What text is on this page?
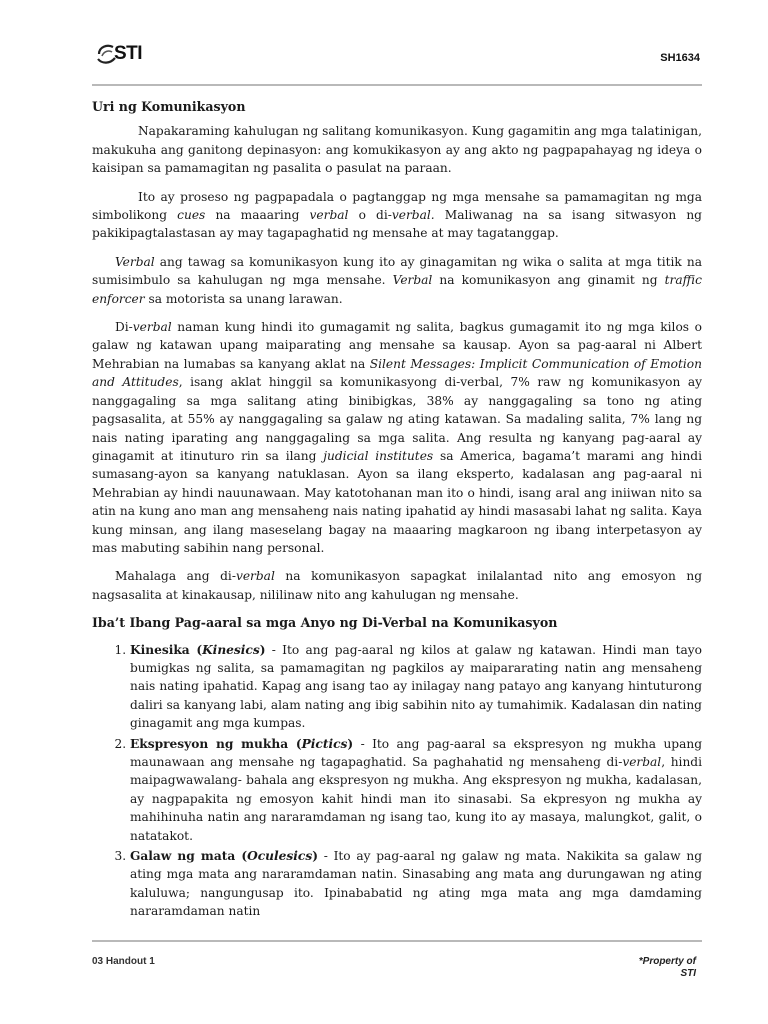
STI	SH1634
Uri ng Komunikasyon

Napakaraming kahulugan ng salitang komunikasyon. Kung gagamitin ang mga talatinigan, makukuha ang ganitong depinasyon: ang komukikasyon ay ang akto ng pagpapahayag ng ideya o kaisipan sa pamamagitan ng pasalita o pasulat na paraan.

Ito ay proseso ng pagpapadala o pagtanggap ng mga mensahe sa pamamagitan ng mga simbolikong cues na maaaring verbal o di-verbal. Maliwanag na sa isang sitwasyon ng pakikipagtalastasan ay may tagapaghatid ng mensahe at may tagatanggap.

Verbal ang tawag sa komunikasyon kung ito ay ginagamitan ng wika o salita at mga titik na sumisimbulo sa kahulugan ng mga mensahe. Verbal na komunikasyon ang ginamit ng traffic enforcer sa motorista sa unang larawan.

Di-verbal naman kung hindi ito gumagamit ng salita, bagkus gumagamit ito ng mga kilos o galaw ng katawan upang maiparating ang mensahe sa kausap. Ayon sa pag-aaral ni Albert Mehrabian na lumabas sa kanyang aklat na Silent Messages: Implicit Communication of Emotion and Attitudes, isang aklat hinggil sa komunikasyong di-verbal, 7% raw ng komunikasyon ay nanggagaling sa mga salitang ating binibigkas, 38% ay nanggagaling sa tono ng ating pagsasalita, at 55% ay nanggagaling sa galaw ng ating katawan. Sa madaling salita, 7% lang ng nais nating iparating ang nanggagaling sa mga salita. Ang resulta ng kanyang pag-aaral ay ginagamit at itinuturo rin sa ilang judicial institutes sa America, bagama’t marami ang hindi sumasang-ayon sa kanyang natuklasan. Ayon sa ilang eksperto, kadalasan ang pag-aaral ni Mehrabian ay hindi nauunawaan. May katotohanan man ito o hindi, isang aral ang iniiwan nito sa atin na kung ano man ang mensaheng nais nating ipahatid ay hindi masasabi lahat ng salita. Kaya kung minsan, ang ilang maseselang bagay na maaaring magkaroon ng ibang interpetasyon ay mas mabuting sabihin nang personal.

Mahalaga ang di-verbal na komunikasyon sapagkat inilalantad nito ang emosyon ng nagsasalita at kinakausap, nililinaw nito ang kahulugan ng mensahe.

Iba’t Ibang Pag-aaral sa mga Anyo ng Di-Verbal na Komunikasyon
1. Kinesika (Kinesics) - Ito ang pag-aaral ng kilos at galaw ng katawan. Hindi man tayo bumigkas ng salita, sa pamamagitan ng pagkilos ay maipararating natin ang mensaheng nais nating ipahatid. Kapag ang isang tao ay inilagay nang patayo ang kanyang hintuturong daliri sa kanyang labi, alam nating ang ibig sabihin nito ay tumahimik. Kadalasan din nating ginagamit ang mga kumpas.
2. Ekspresyon ng mukha (Pictics) - Ito ang pag-aaral sa ekspresyon ng mukha upang maunawaan ang mensahe ng tagapaghatid. Sa paghahatid ng mensaheng di-verbal, hindi maipagwawalang- bahala ang ekspresyon ng mukha. Ang ekspresyon ng mukha, kadalasan, ay nagpapakita ng emosyon kahit hindi man ito sinasabi. Sa ekpresyon ng mukha ay mahihinuha natin ang nararamdaman ng isang tao, kung ito ay masaya, malungkot, galit, o natatakot.
3. Galaw ng mata (Oculesics) - Ito ay pag-aaral ng galaw ng mata. Nakikita sa galaw ng ating mga mata ang nararamdaman natin. Sinasabing ang mata ang durungawan ng ating kaluluwa; nangungusap ito. Ipinababatid ng ating mga mata ang mga damdaming nararamdaman natin
03 Handout 1	*Property of
STI
